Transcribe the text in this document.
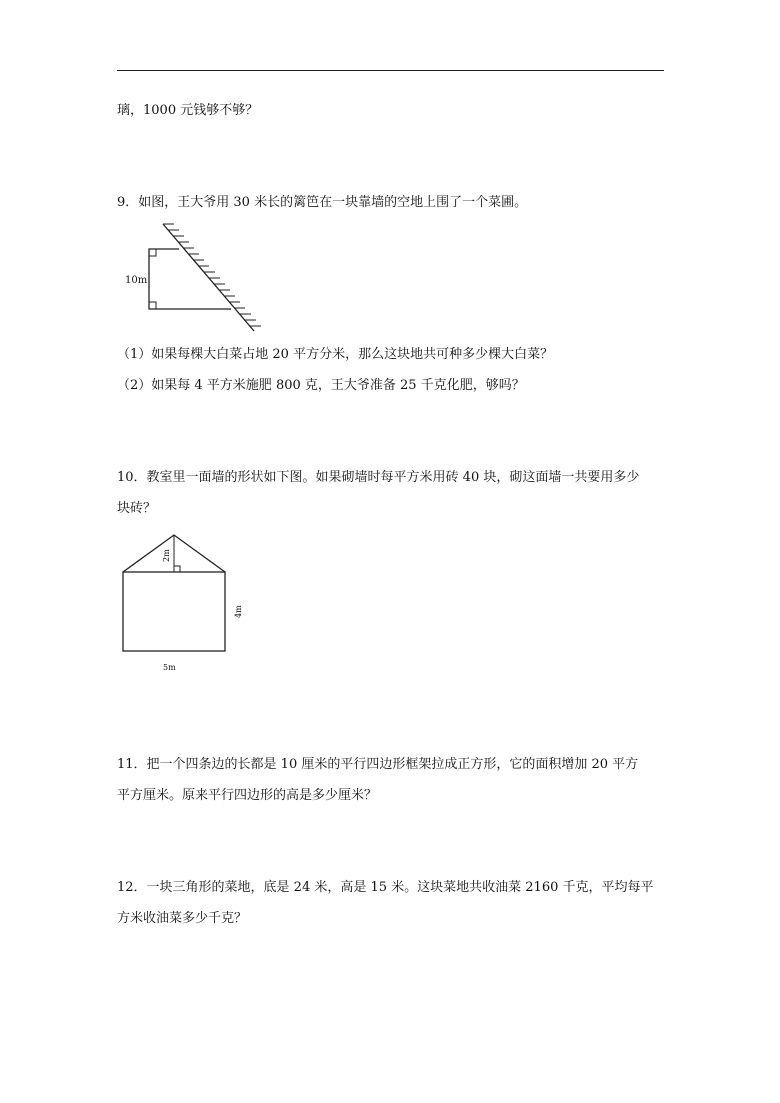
璃，1000 元钱够不够？
9．如图，王大爷用 30 米长的篱笆在一块靠墙的空地上围了一个菜圃。
10m
（1）如果每棵大白菜占地 20 平方分米，那么这块地共可种多少棵大白菜？
（2）如果每 4 平方米施肥 800 克，王大爷准备 25 千克化肥，够吗？
10．教室里一面墙的形状如下图。如果砌墙时每平方米用砖 40 块，砌这面墙一共要用多少
块砖？
2m
4m
5m
11．把一个四条边的长都是 10 厘米的平行四边形框架拉成正方形，它的面积增加 20 平方
平方厘米。原来平行四边形的高是多少厘米？
12．一块三角形的菜地，底是 24 米，高是 15 米。这块菜地共收油菜 2160 千克，平均每平
方米收油菜多少千克？
